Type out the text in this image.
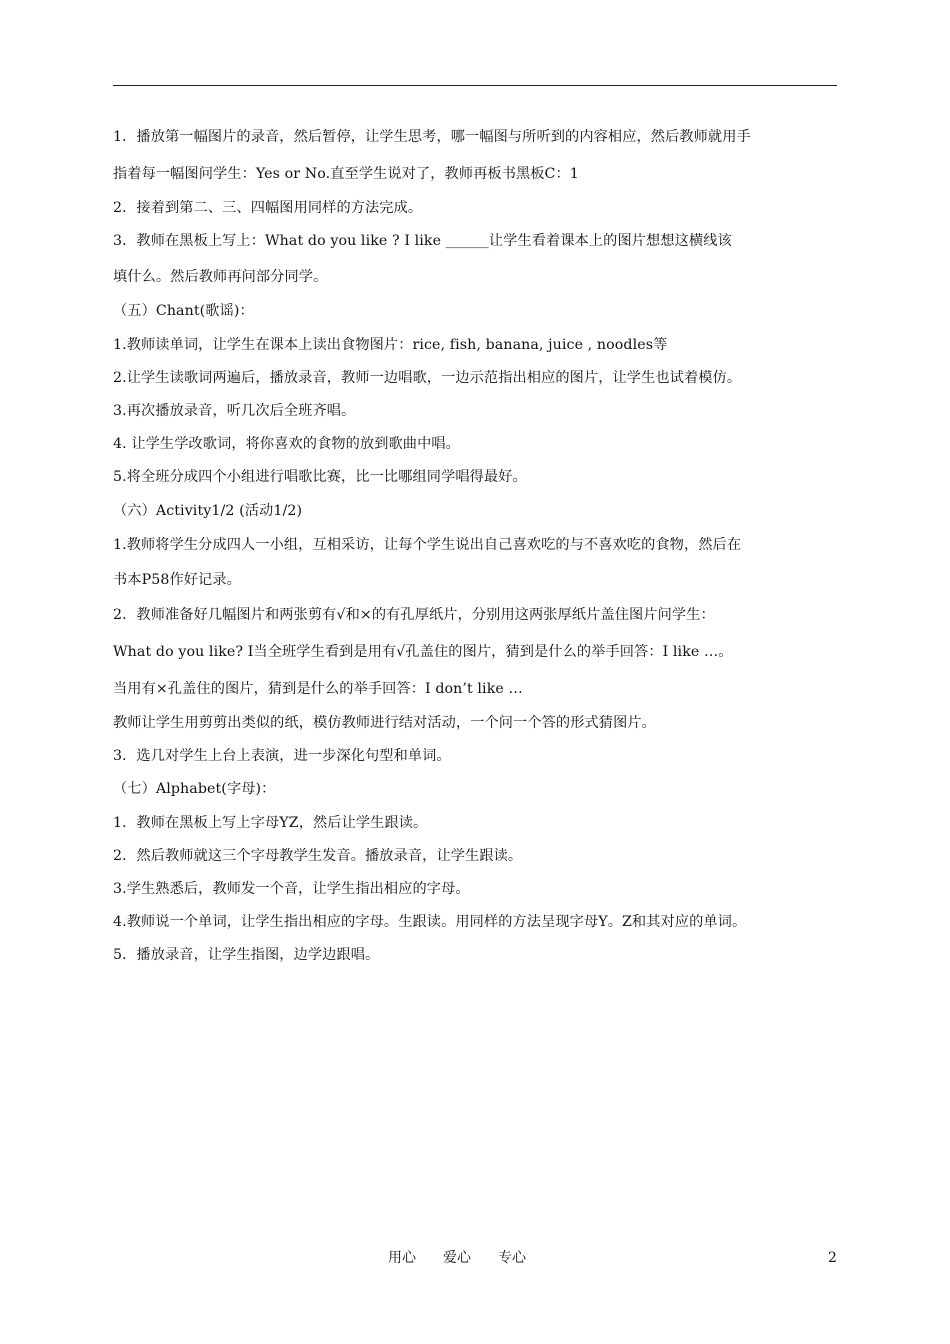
1．播放第一幅图片的录音，然后暂停，让学生思考，哪一幅图与所听到的内容相应，然后教师就用手
指着每一幅图问学生：Yes or No.直至学生说对了，教师再板书黑板C：1
2．接着到第二、三、四幅图用同样的方法完成。
3．教师在黑板上写上：What do you like ? I like ______让学生看着课本上的图片想想这横线该
填什么。然后教师再问部分同学。
（五）Chant(歌谣)：
1.教师读单词，让学生在课本上读出食物图片：rice, fish, banana, juice , noodles等
2.让学生读歌词两遍后，播放录音，教师一边唱歌，一边示范指出相应的图片，让学生也试着模仿。
3.再次播放录音，听几次后全班齐唱。
4. 让学生学改歌词，将你喜欢的食物的放到歌曲中唱。
5.将全班分成四个小组进行唱歌比赛，比一比哪组同学唱得最好。
（六）Activity1/2 (活动1/2)
1.教师将学生分成四人一小组，互相采访，让每个学生说出自己喜欢吃的与不喜欢吃的食物，然后在
书本P58作好记录。
2．教师准备好几幅图片和两张剪有√和×的有孔厚纸片，分别用这两张厚纸片盖住图片问学生：
What do you like? I当全班学生看到是用有√孔盖住的图片，猜到是什么的举手回答：I like …。
当用有×孔盖住的图片，猜到是什么的举手回答：I don’t like …
教师让学生用剪剪出类似的纸，模仿教师进行结对活动，一个问一个答的形式猜图片。
3．选几对学生上台上表演，进一步深化句型和单词。
（七）Alphabet(字母)：
1．教师在黑板上写上字母YZ，然后让学生跟读。
2．然后教师就这三个字母教学生发音。播放录音，让学生跟读。
3.学生熟悉后，教师发一个音，让学生指出相应的字母。
4.教师说一个单词，让学生指出相应的字母。生跟读。用同样的方法呈现字母Y。Z和其对应的单词。
5．播放录音，让学生指图，边学边跟唱。
用心 爱心 专心	2
